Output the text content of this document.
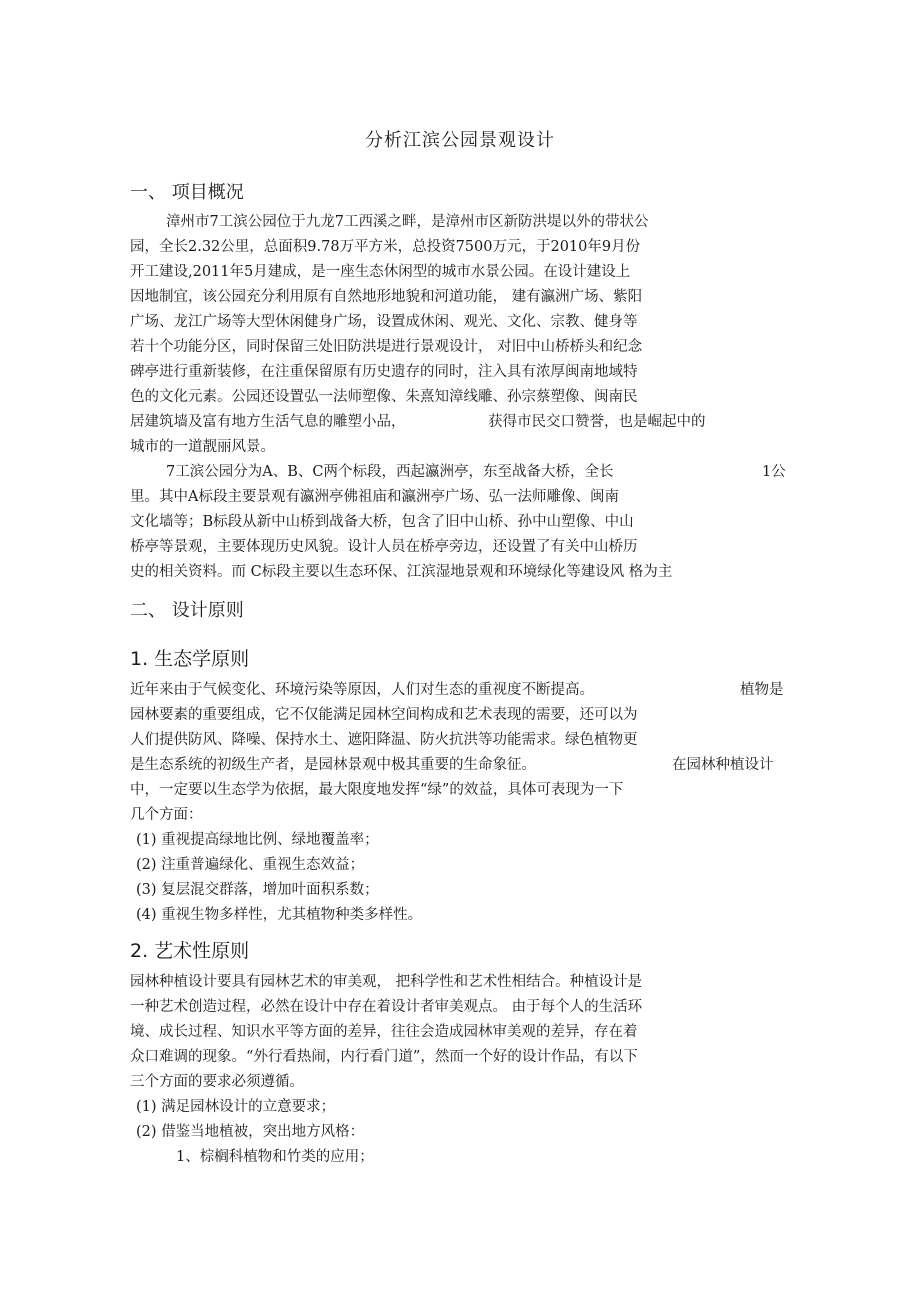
分析江滨公园景观设计
一、 项目概况
漳州市7工滨公园位于九龙7工西溪之畔，是漳州市区新防洪堤以外的带状公
园，全长2.32公里，总面积9.78万平方米，总投资7500万元，于2010年9月份
开工建设,2011年5月建成，是一座生态休闲型的城市水景公园。在设计建设上
因地制宜，该公园充分利用原有自然地形地貌和河道功能， 建有瀛洲广场、紫阳
广场、龙江广场等大型休闲健身广场，设置成休闲、观光、文化、宗教、健身等
若十个功能分区，同时保留三处旧防洪堤进行景观设计， 对旧中山桥桥头和纪念
碑亭进行重新装修，在注重保留原有历史遗存的同时，注入具有浓厚闽南地域特
色的文化元素。公园还设置弘一法师塑像、朱熹知漳线雕、孙宗蔡塑像、闽南民
居建筑墙及富有地方生活气息的雕塑小品，	获得市民交口赞誉，也是崛起中的
城市的一道靓丽风景。
7工滨公园分为A、B、C两个标段，西起瀛洲亭，东至战备大桥，全长	1公
里。其中A标段主要景观有瀛洲亭佛祖庙和瀛洲亭广场、弘一法师雕像、闽南
文化墙等；B标段从新中山桥到战备大桥，包含了旧中山桥、孙中山塑像、中山
桥亭等景观，主要体现历史风貌。设计人员在桥亭旁边，还设置了有关中山桥历
史的相关资料。而 C标段主要以生态环保、江滨湿地景观和环境绿化等建设风 格为主
二、 设计原则
1. 生态学原则
近年来由于气候变化、环境污染等原因，人们对生态的重视度不断提高。	植物是
园林要素的重要组成，它不仅能满足园林空间构成和艺术表现的需要，还可以为
人们提供防风、降噪、保持水土、遮阳降温、防火抗洪等功能需求。绿色植物更
是生态系统的初级生产者，是园林景观中极其重要的生命象征。	在园林种植设计
中，一定要以生态学为依据，最大限度地发挥“绿”的效益，具体可表现为一下
几个方面：
(1) 重视提高绿地比例、绿地覆盖率；
(2) 注重普遍绿化、重视生态效益；
(3) 复层混交群落，增加叶面积系数；
(4) 重视生物多样性，尤其植物种类多样性。
2. 艺术性原则
园林种植设计要具有园林艺术的审美观， 把科学性和艺术性相结合。种植设计是
一种艺术创造过程，必然在设计中存在着设计者审美观点。 由于每个人的生活环
境、成长过程、知识水平等方面的差异，往往会造成园林审美观的差异，存在着
众口难调的现象。“外行看热闹，内行看门道”，然而一个好的设计作品，有以下
三个方面的要求必须遵循。
(1) 满足园林设计的立意要求；
(2) 借鉴当地植被，突出地方风格：
1、棕榈科植物和竹类的应用；
